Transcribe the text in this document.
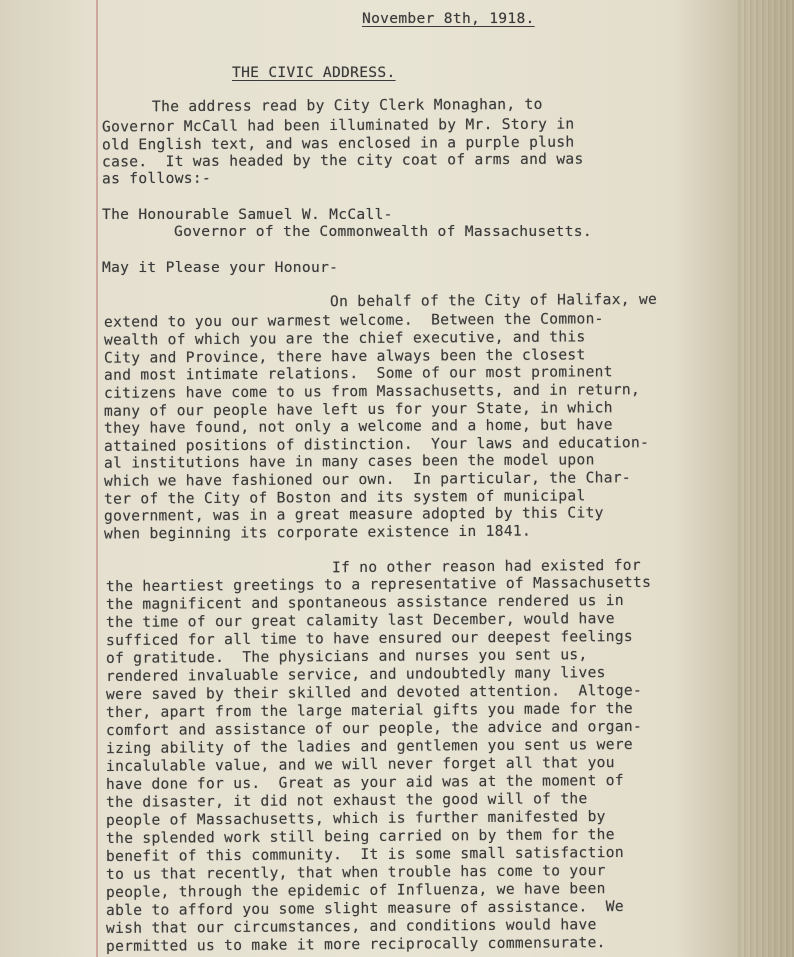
November 8th, 1918.
THE CIVIC ADDRESS.
The address read by City Clerk Monaghan, to
Governor McCall had been illuminated by Mr. Story in
old English text, and was enclosed in a purple plush
case.  It was headed by the city coat of arms and was
as follows:-
The Honourable Samuel W. McCall-
Governor of the Commonwealth of Massachusetts.
May it Please your Honour-
On behalf of the City of Halifax, we
extend to you our warmest welcome.  Between the Common-
wealth of which you are the chief executive, and this
City and Province, there have always been the closest
and most intimate relations.  Some of our most prominent
citizens have come to us from Massachusetts, and in return,
many of our people have left us for your State, in which
they have found, not only a welcome and a home, but have
attained positions of distinction.  Your laws and education-
al institutions have in many cases been the model upon
which we have fashioned our own.  In particular, the Char-
ter of the City of Boston and its system of municipal
government, was in a great measure adopted by this City
when beginning its corporate existence in 1841.
If no other reason had existed for
the heartiest greetings to a representative of Massachusetts
the magnificent and spontaneous assistance rendered us in
the time of our great calamity last December, would have
sufficed for all time to have ensured our deepest feelings
of gratitude.  The physicians and nurses you sent us,
rendered invaluable service, and undoubtedly many lives
were saved by their skilled and devoted attention.  Altoge-
ther, apart from the large material gifts you made for the
comfort and assistance of our people, the advice and organ-
izing ability of the ladies and gentlemen you sent us were
incalulable value, and we will never forget all that you
have done for us.  Great as your aid was at the moment of
the disaster, it did not exhaust the good will of the
people of Massachusetts, which is further manifested by
the splended work still being carried on by them for the
benefit of this community.  It is some small satisfaction
to us that recently, that when trouble has come to your
people, through the epidemic of Influenza, we have been
able to afford you some slight measure of assistance.  We
wish that our circumstances, and conditions would have
permitted us to make it more reciprocally commensurate.
